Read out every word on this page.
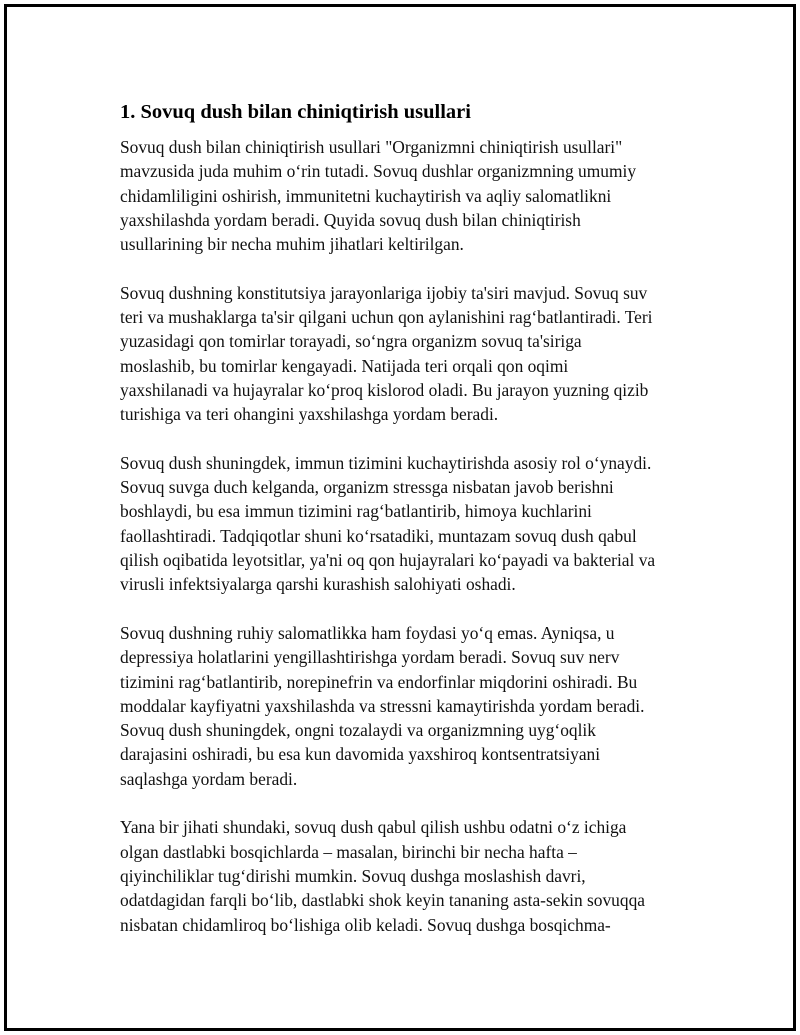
1. Sovuq dush bilan chiniqtirish usullari

Sovuq dush bilan chiniqtirish usullari "Organizmni chiniqtirish usullari"
mavzusida juda muhim o‘rin tutadi. Sovuq dushlar organizmning umumiy
chidamliligini oshirish, immunitetni kuchaytirish va aqliy salomatlikni
yaxshilashda yordam beradi. Quyida sovuq dush bilan chiniqtirish
usullarining bir necha muhim jihatlari keltirilgan.

Sovuq dushning konstitutsiya jarayonlariga ijobiy ta'siri mavjud. Sovuq suv
teri va mushaklarga ta'sir qilgani uchun qon aylanishini rag‘batlantiradi. Teri
yuzasidagi qon tomirlar torayadi, so‘ngra organizm sovuq ta'siriga
moslashib, bu tomirlar kengayadi. Natijada teri orqali qon oqimi
yaxshilanadi va hujayralar ko‘proq kislorod oladi. Bu jarayon yuzning qizib
turishiga va teri ohangini yaxshilashga yordam beradi.

Sovuq dush shuningdek, immun tizimini kuchaytirishda asosiy rol o‘ynaydi.
Sovuq suvga duch kelganda, organizm stressga nisbatan javob berishni
boshlaydi, bu esa immun tizimini rag‘batlantirib, himoya kuchlarini
faollashtiradi. Tadqiqotlar shuni ko‘rsatadiki, muntazam sovuq dush qabul
qilish oqibatida leyotsitlar, ya'ni oq qon hujayralari ko‘payadi va bakterial va
virusli infektsiyalarga qarshi kurashish salohiyati oshadi.

Sovuq dushning ruhiy salomatlikka ham foydasi yo‘q emas. Ayniqsa, u
depressiya holatlarini yengillashtirishga yordam beradi. Sovuq suv nerv
tizimini rag‘batlantirib, norepinefrin va endorfinlar miqdorini oshiradi. Bu
moddalar kayfiyatni yaxshilashda va stressni kamaytirishda yordam beradi.
Sovuq dush shuningdek, ongni tozalaydi va organizmning uyg‘oqlik
darajasini oshiradi, bu esa kun davomida yaxshiroq kontsentratsiyani
saqlashga yordam beradi.

Yana bir jihati shundaki, sovuq dush qabul qilish ushbu odatni o‘z ichiga
olgan dastlabki bosqichlarda – masalan, birinchi bir necha hafta –
qiyinchiliklar tug‘dirishi mumkin. Sovuq dushga moslashish davri,
odatdagidan farqli bo‘lib, dastlabki shok keyin tananing asta-sekin sovuqqa
nisbatan chidamliroq bo‘lishiga olib keladi. Sovuq dushga bosqichma-
